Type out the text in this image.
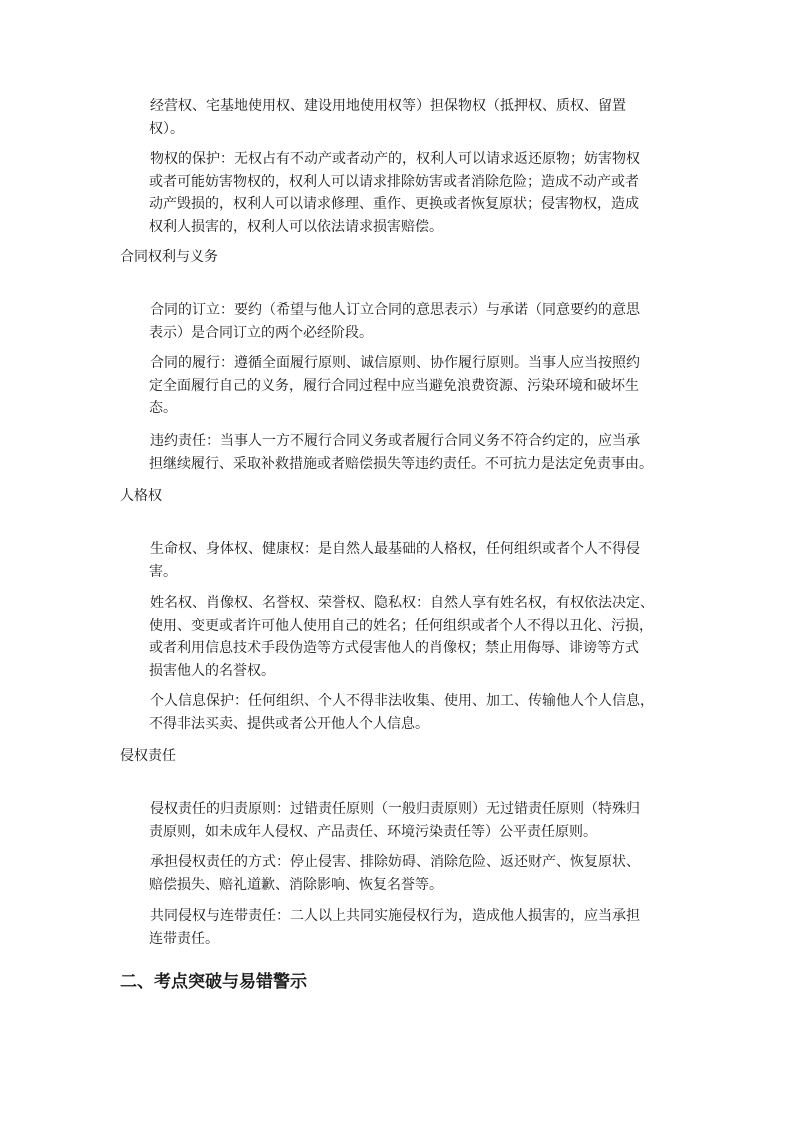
经营权、宅基地使用权、建设用地使用权等）担保物权（抵押权、质权、留置
权）。
物权的保护：无权占有不动产或者动产的，权利人可以请求返还原物；妨害物权
或者可能妨害物权的，权利人可以请求排除妨害或者消除危险；造成不动产或者
动产毁损的，权利人可以请求修理、重作、更换或者恢复原状；侵害物权，造成
权利人损害的，权利人可以依法请求损害赔偿。
合同权利与义务
合同的订立：要约（希望与他人订立合同的意思表示）与承诺（同意要约的意思
表示）是合同订立的两个必经阶段。
合同的履行：遵循全面履行原则、诚信原则、协作履行原则。当事人应当按照约
定全面履行自己的义务，履行合同过程中应当避免浪费资源、污染环境和破坏生
态。
违约责任：当事人一方不履行合同义务或者履行合同义务不符合约定的，应当承
担继续履行、采取补救措施或者赔偿损失等违约责任。不可抗力是法定免责事由。
人格权
生命权、身体权、健康权：是自然人最基础的人格权，任何组织或者个人不得侵
害。
姓名权、肖像权、名誉权、荣誉权、隐私权：自然人享有姓名权，有权依法决定、
使用、变更或者许可他人使用自己的姓名；任何组织或者个人不得以丑化、污损，
或者利用信息技术手段伪造等方式侵害他人的肖像权；禁止用侮辱、诽谤等方式
损害他人的名誉权。
个人信息保护：任何组织、个人不得非法收集、使用、加工、传输他人个人信息，
不得非法买卖、提供或者公开他人个人信息。
侵权责任
侵权责任的归责原则：过错责任原则（一般归责原则）无过错责任原则（特殊归
责原则，如未成年人侵权、产品责任、环境污染责任等）公平责任原则。
承担侵权责任的方式：停止侵害、排除妨碍、消除危险、返还财产、恢复原状、
赔偿损失、赔礼道歉、消除影响、恢复名誉等。
共同侵权与连带责任：二人以上共同实施侵权行为，造成他人损害的，应当承担
连带责任。
二、考点突破与易错警示
